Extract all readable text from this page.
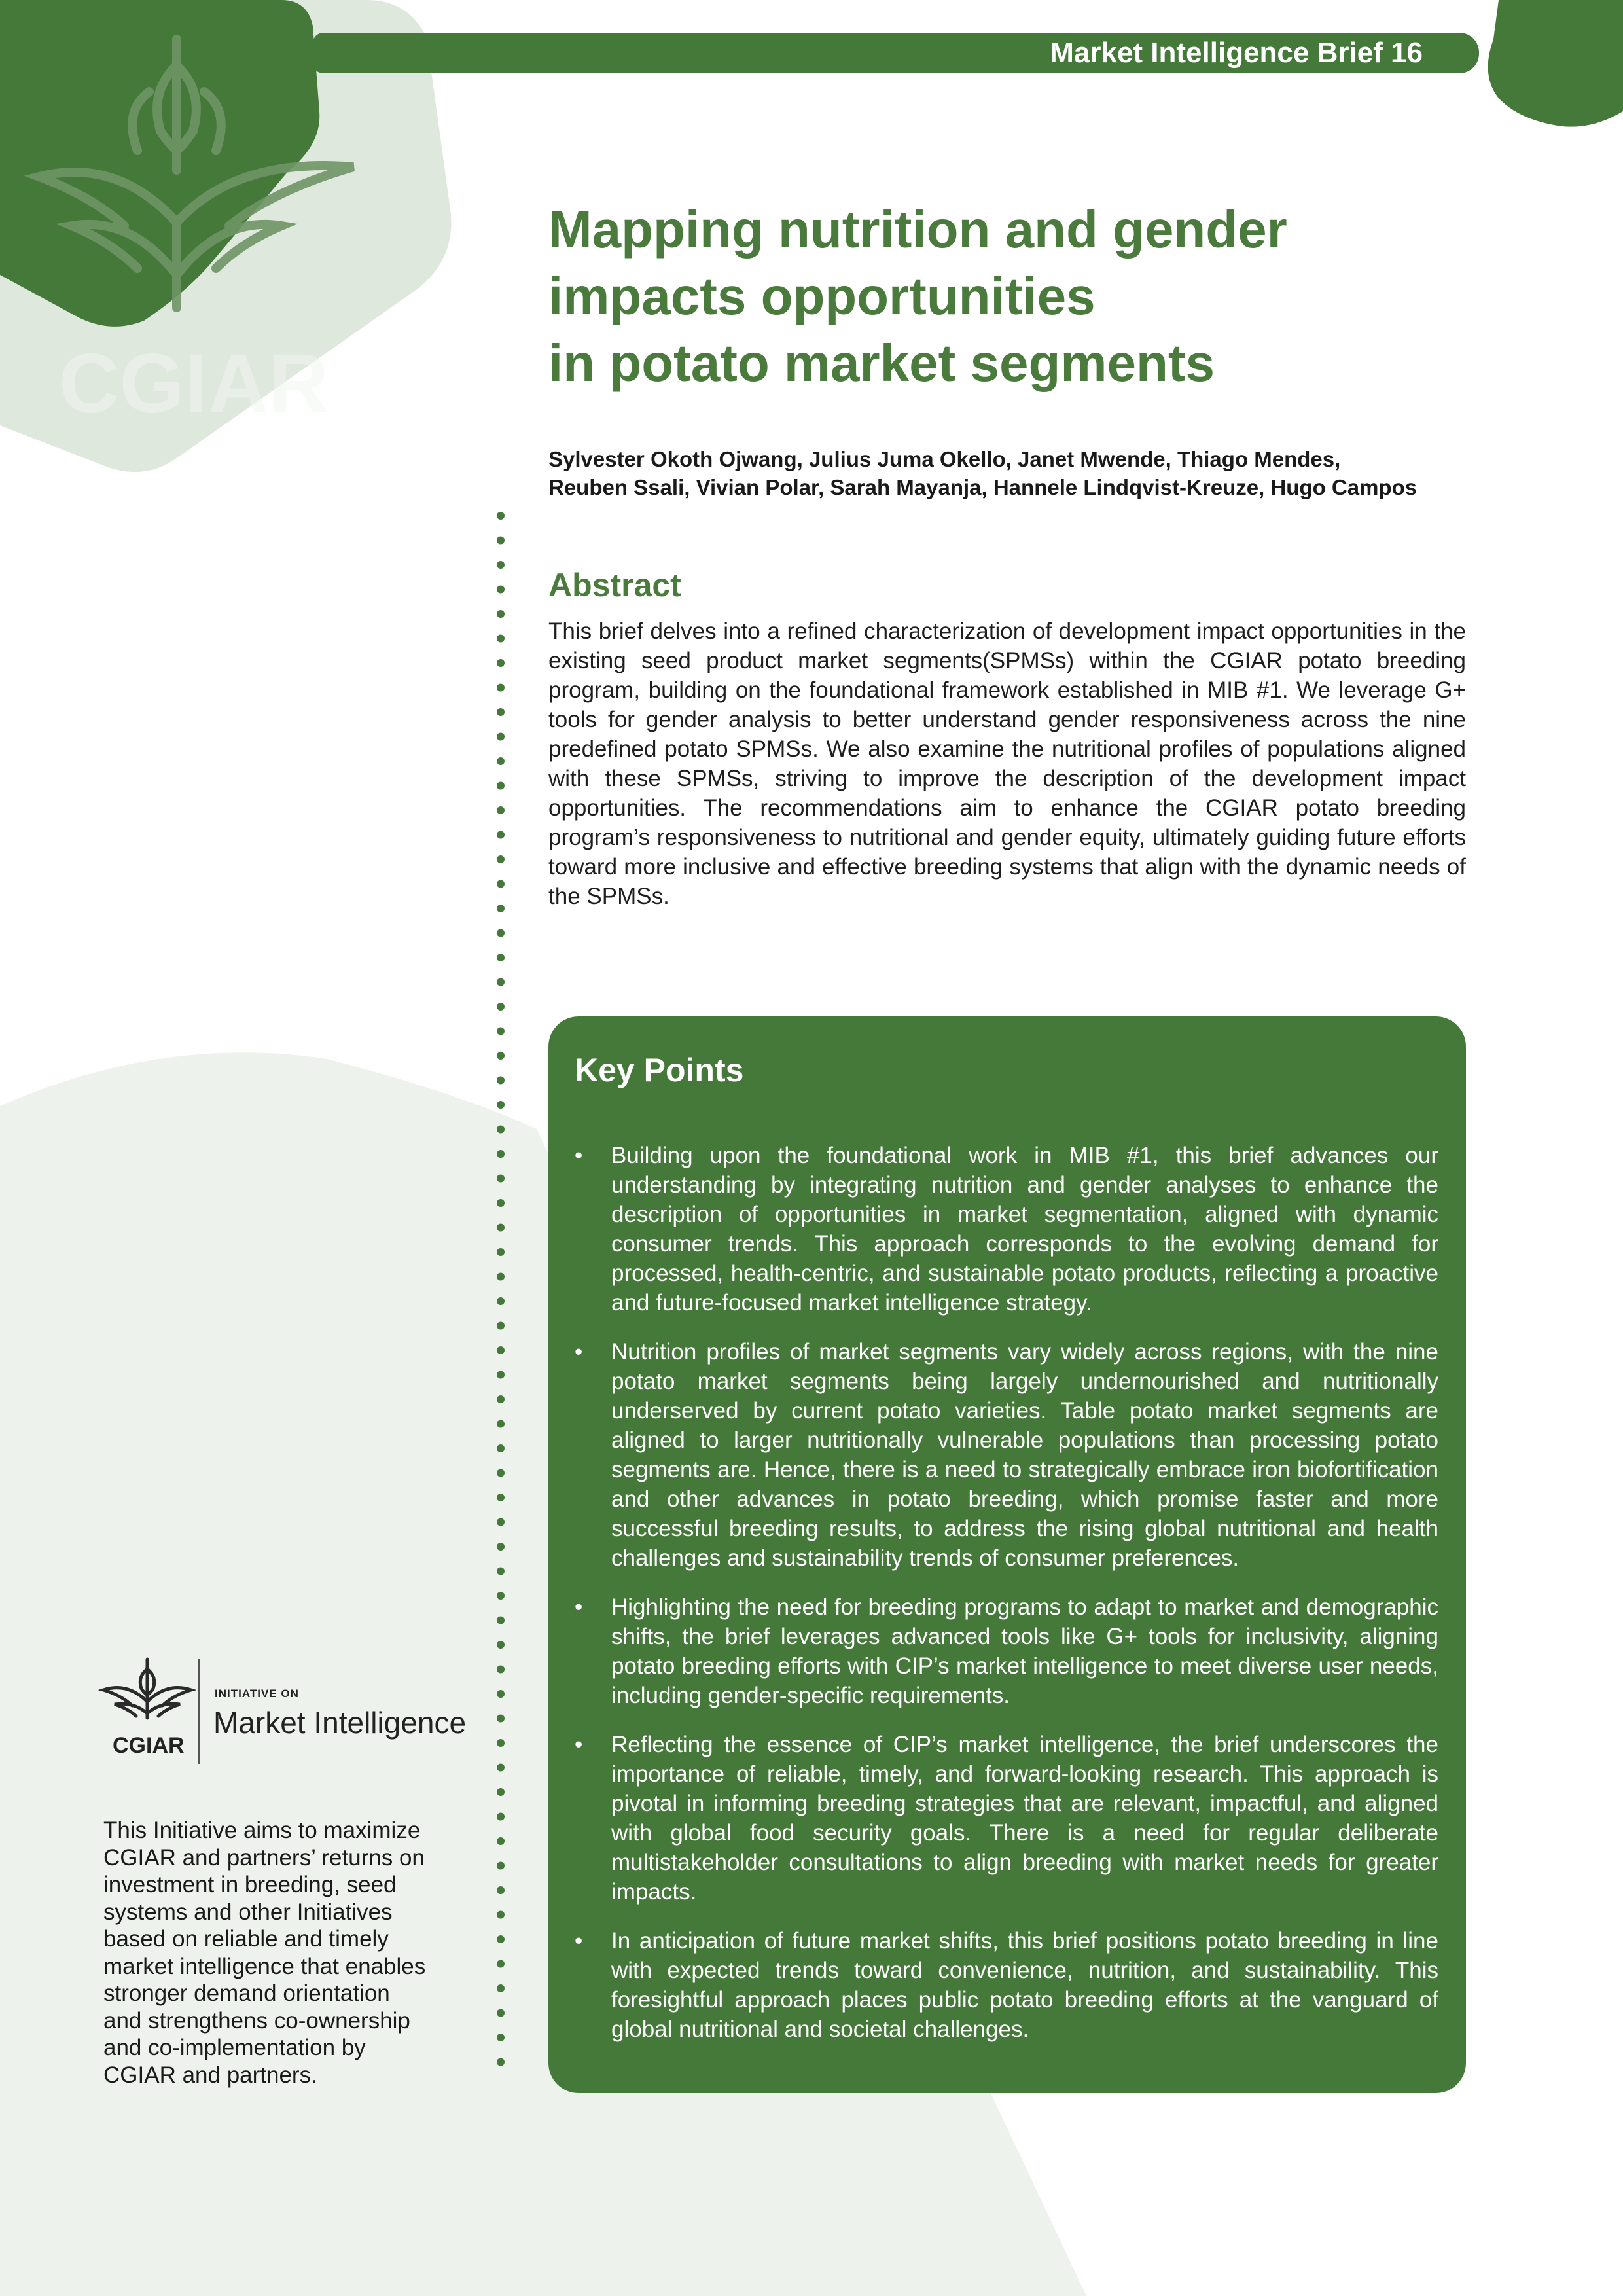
CGIAR
Market Intelligence Brief 16
Mapping nutrition and gender
impacts opportunities
in potato market segments
Sylvester Okoth Ojwang, Julius Juma Okello, Janet Mwende, Thiago Mendes,
Reuben Ssali, Vivian Polar, Sarah Mayanja, Hannele Lindqvist-Kreuze, Hugo Campos
Abstract

This brief delves into a refined characterization of development impact opportunities in the existing seed product market segments(SPMSs) within the CGIAR potato breeding program, building on the foundational framework established in MIB #1. We leverage G+ tools for gender analysis to better understand gender responsiveness across the nine predefined potato SPMSs. We also examine the nutritional profiles of populations aligned with these SPMSs, striving to improve the description of the development impact opportunities. The recommendations aim to enhance the CGIAR potato breeding program’s responsiveness to nutritional and gender equity, ultimately guiding future efforts toward more inclusive and effective breeding systems that align with the dynamic needs of the SPMSs.

Key Points
• Building upon the foundational work in MIB #1, this brief advances our understanding by integrating nutrition and gender analyses to enhance the description of opportunities in market segmentation, aligned with dynamic consumer trends. This approach corresponds to the evolving demand for processed, health-centric, and sustainable potato products, reflecting a proactive and future-focused market intelligence strategy.
• Nutrition profiles of market segments vary widely across regions, with the nine potato market segments being largely undernourished and nutritionally underserved by current potato varieties. Table potato market segments are aligned to larger nutritionally vulnerable populations than processing potato segments are. Hence, there is a need to strategically embrace iron biofortification and other advances in potato breeding, which promise faster and more successful breeding results, to address the rising global nutritional and health challenges and sustainability trends of consumer preferences.
• Highlighting the need for breeding programs to adapt to market and demographic shifts, the brief leverages advanced tools like G+ tools for inclusivity, aligning potato breeding efforts with CIP’s market intelligence to meet diverse user needs, including gender-specific requirements.
• Reflecting the essence of CIP’s market intelligence, the brief underscores the importance of reliable, timely, and forward-looking research. This approach is pivotal in informing breeding strategies that are relevant, impactful, and aligned with global food security goals. There is a need for regular deliberate multistakeholder consultations to align breeding with market needs for greater impacts.
• In anticipation of future market shifts, this brief positions potato breeding in line with expected trends toward convenience, nutrition, and sustainability. This foresightful approach places public potato breeding efforts at the vanguard of global nutritional and societal challenges.
CGIAR
INITIATIVE ON
Market Intelligence

This Initiative aims to maximize
CGIAR and partners’ returns on
investment in breeding, seed
systems and other Initiatives
based on reliable and timely
market intelligence that enables
stronger demand orientation
and strengthens co-ownership
and co-implementation by
CGIAR and partners.
